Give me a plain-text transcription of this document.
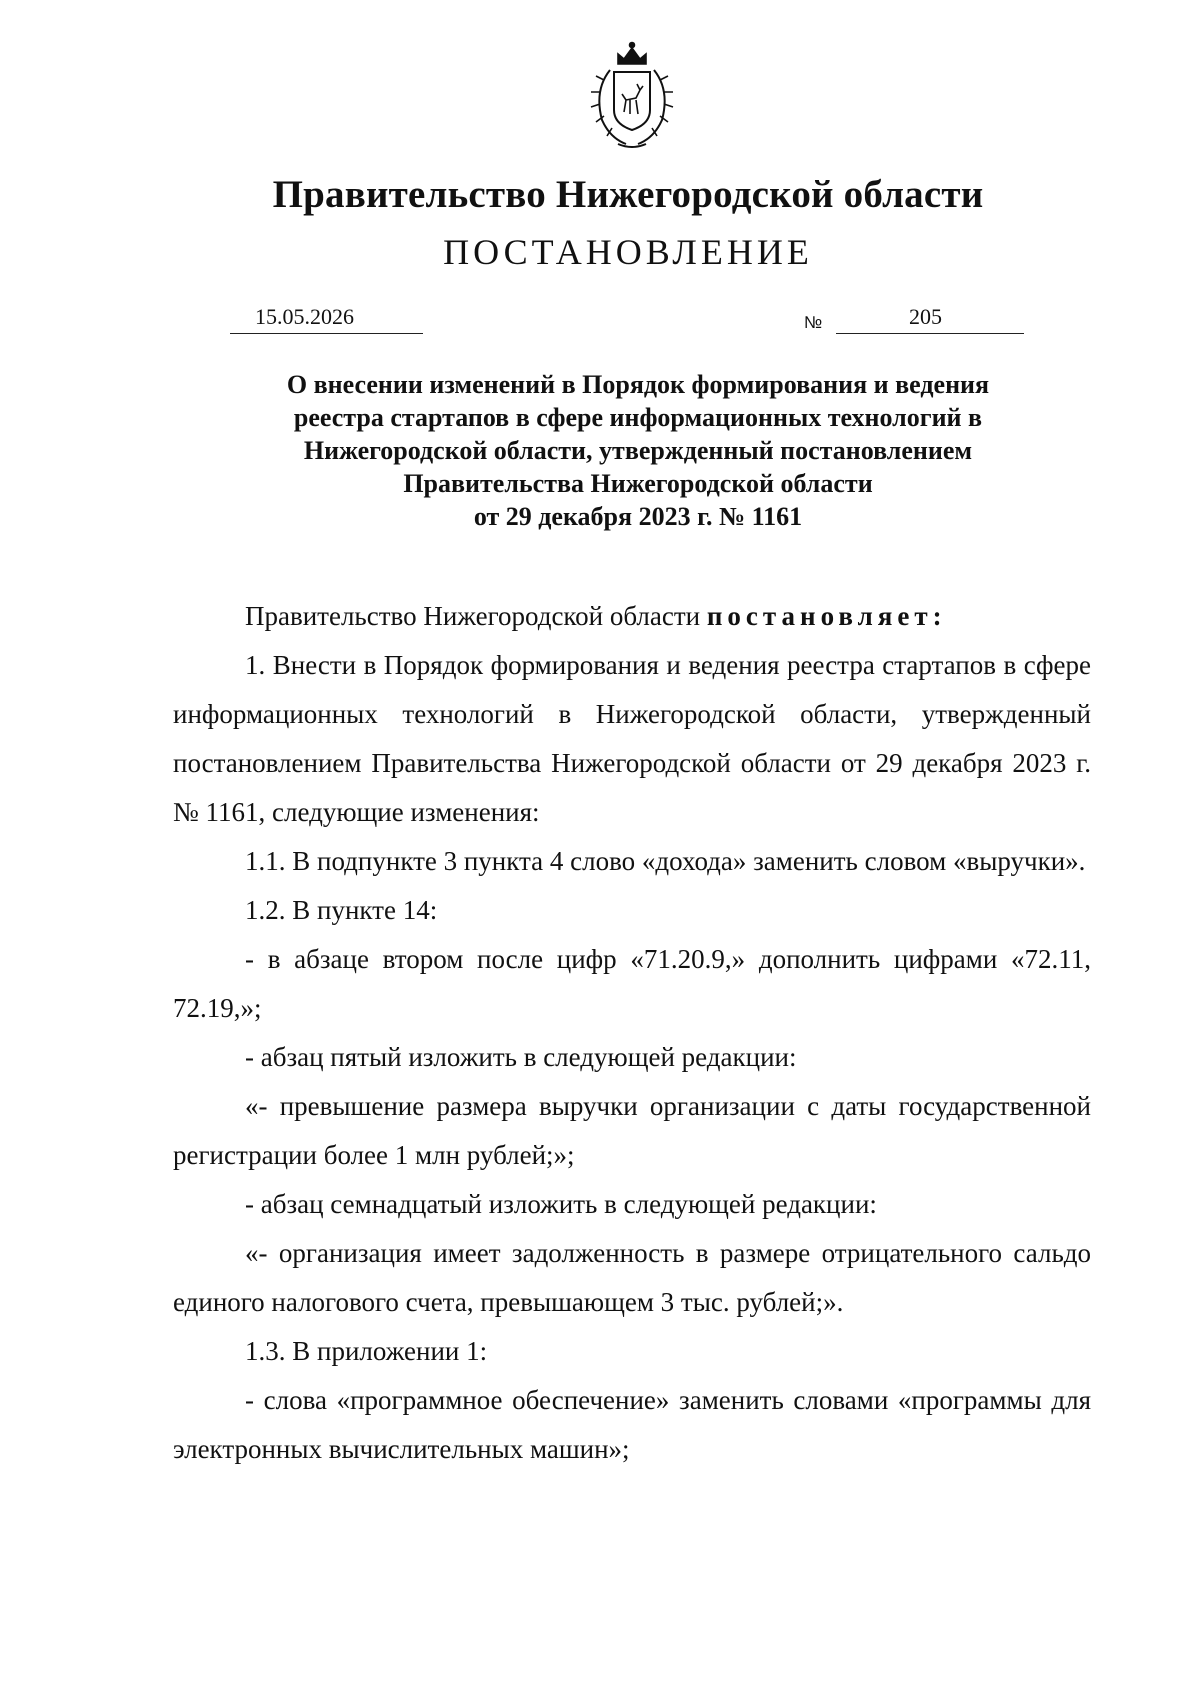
Правительство Нижегородской области
ПОСТАНОВЛЕНИЕ
15.05.2026	№	205
О внесении изменений в Порядок формирования и ведения
реестра стартапов в сфере информационных технологий в
Нижегородской области, утвержденный постановлением
Правительства Нижегородской области
от 29 декабря 2023 г. № 1161

Правительство Нижегородской области постановляет:

1. Внести в Порядок формирования и ведения реестра стартапов в сфере информационных технологий в Нижегородской области, утвержденный постановлением Правительства Нижегородской области от 29 декабря 2023 г. № 1161, следующие изменения:

1.1. В подпункте 3 пункта 4 слово «дохода» заменить словом «выручки».

1.2. В пункте 14:

- в абзаце втором после цифр «71.20.9,» дополнить цифрами «72.11, 72.19,»;

- абзац пятый изложить в следующей редакции:

«- превышение размера выручки организации с даты государственной регистрации более 1 млн рублей;»;

- абзац семнадцатый изложить в следующей редакции:

«- организация имеет задолженность в размере отрицательного сальдо единого налогового счета, превышающем 3 тыс. рублей;».

1.3. В приложении 1:

- слова «программное обеспечение» заменить словами «программы для электронных вычислительных машин»;
